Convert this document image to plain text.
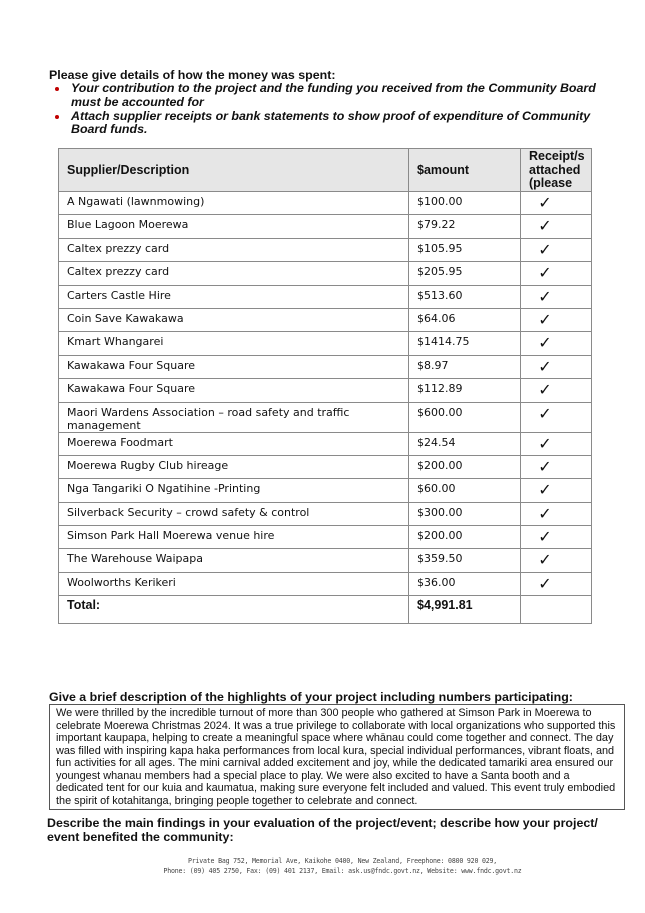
Please give details of how the money was spent:
Your contribution to the project and the funding you received from the Community Board must be accounted for
Attach supplier receipts or bank statements to show proof of expenditure of Community Board funds.
Supplier/Description	$amount	Receipt/s attached (please
A Ngawati (lawnmowing)	$100.00	✓
Blue Lagoon Moerewa	$79.22	✓
Caltex prezzy card	$105.95	✓
Caltex prezzy card	$205.95	✓
Carters Castle Hire	$513.60	✓
Coin Save Kawakawa	$64.06	✓
Kmart Whangarei	$1414.75	✓
Kawakawa Four Square	$8.97	✓
Kawakawa Four Square	$112.89	✓
Maori Wardens Association – road safety and traffic management	$600.00	✓
Moerewa Foodmart	$24.54	✓
Moerewa Rugby Club hireage	$200.00	✓
Nga Tangariki O Ngatihine -Printing	$60.00	✓
Silverback Security – crowd safety & control	$300.00	✓
Simson Park Hall Moerewa venue hire	$200.00	✓
The Warehouse Waipapa	$359.50	✓
Woolworths Kerikeri	$36.00	✓
Total:	$4,991.81	
Give a brief description of the highlights of your project including numbers participating:
We were thrilled by the incredible turnout of more than 300 people who gathered at Simson Park in Moerewa to celebrate Moerewa Christmas 2024. It was a true privilege to collaborate with local organizations who supported this important kaupapa, helping to create a meaningful space where whānau could come together and connect. The day was filled with inspiring kapa haka performances from local kura, special individual performances, vibrant floats, and fun activities for all ages. The mini carnival added excitement and joy, while the dedicated tamariki area ensured our youngest whanau members had a special place to play. We were also excited to have a Santa booth and a dedicated tent for our kuia and kaumatua, making sure everyone felt included and valued. This event truly embodied the spirit of kotahitanga, bringing people together to celebrate and connect.
Describe the main findings in your evaluation of the project/event; describe how your project/ event benefited the community:
Private Bag 752, Memorial Ave, Kaikohe 0400, New Zealand, Freephone: 0800 920 029,
Phone: (09) 405 2750, Fax: (09) 401 2137, Email: ask.us@fndc.govt.nz, Website: www.fndc.govt.nz
